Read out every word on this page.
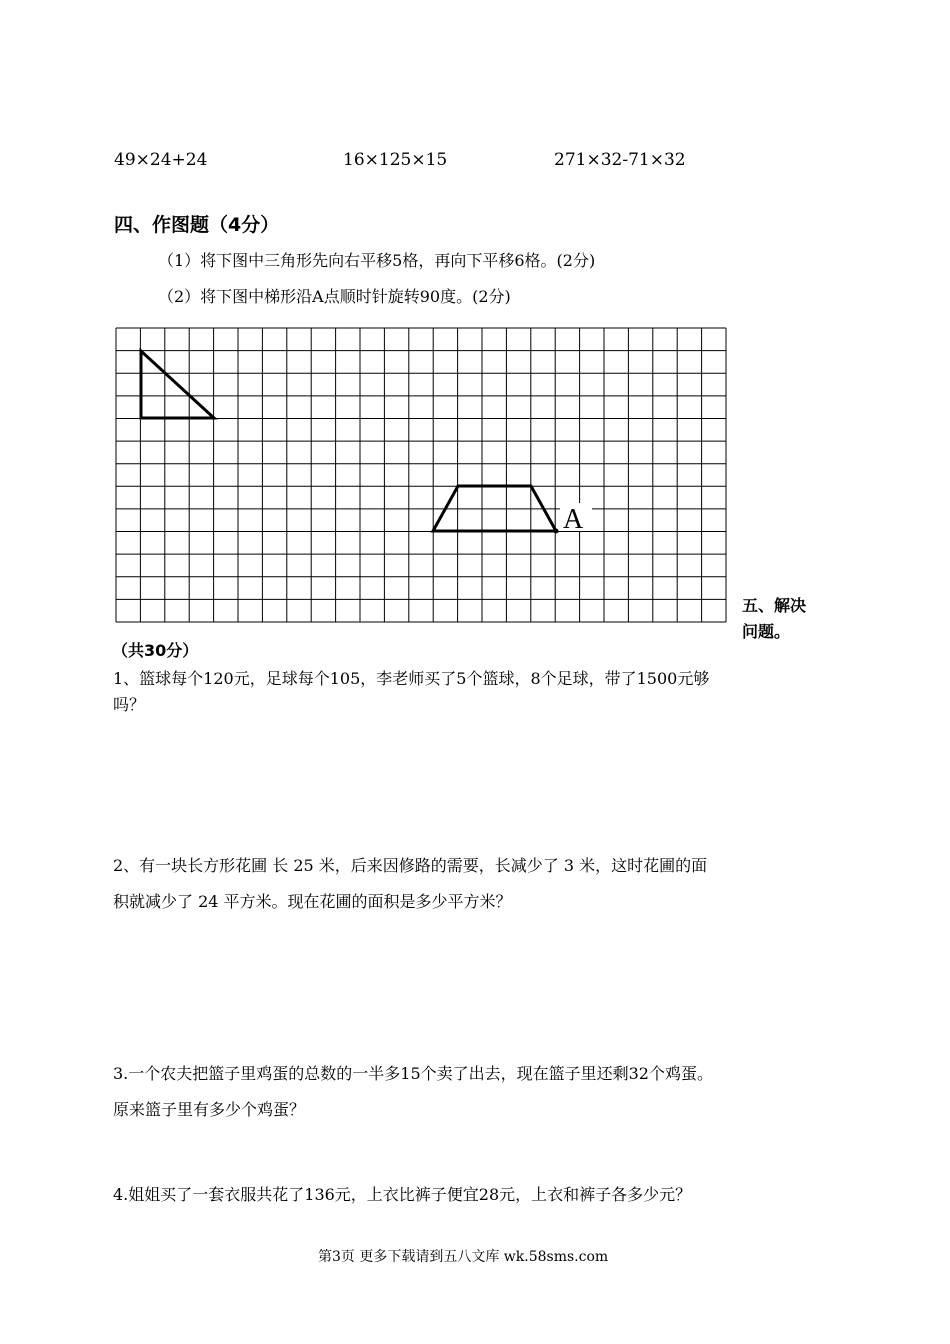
49×24+24	16×125×15	271×32-71×32
四、作图题（4分）
（1）将下图中三角形先向右平移5格，再向下平移6格。(2分)
（2）将下图中梯形沿A点顺时针旋转90度。(2分)
A
五、解决
问题。
（共30分）
1、篮球每个120元，足球每个105，李老师买了5个篮球，8个足球，带了1500元够
吗？
2、有一块长方形花圃 长 25 米，后来因修路的需要，长减少了 3 米，这时花圃的面
积就减少了 24 平方米。现在花圃的面积是多少平方米？
3.一个农夫把篮子里鸡蛋的总数的一半多15个卖了出去，现在篮子里还剩32个鸡蛋。
原来篮子里有多少个鸡蛋？
4.姐姐买了一套衣服共花了136元，上衣比裤子便宜28元，上衣和裤子各多少元？
第3页 更多下载请到五八文库 wk.58sms.com
